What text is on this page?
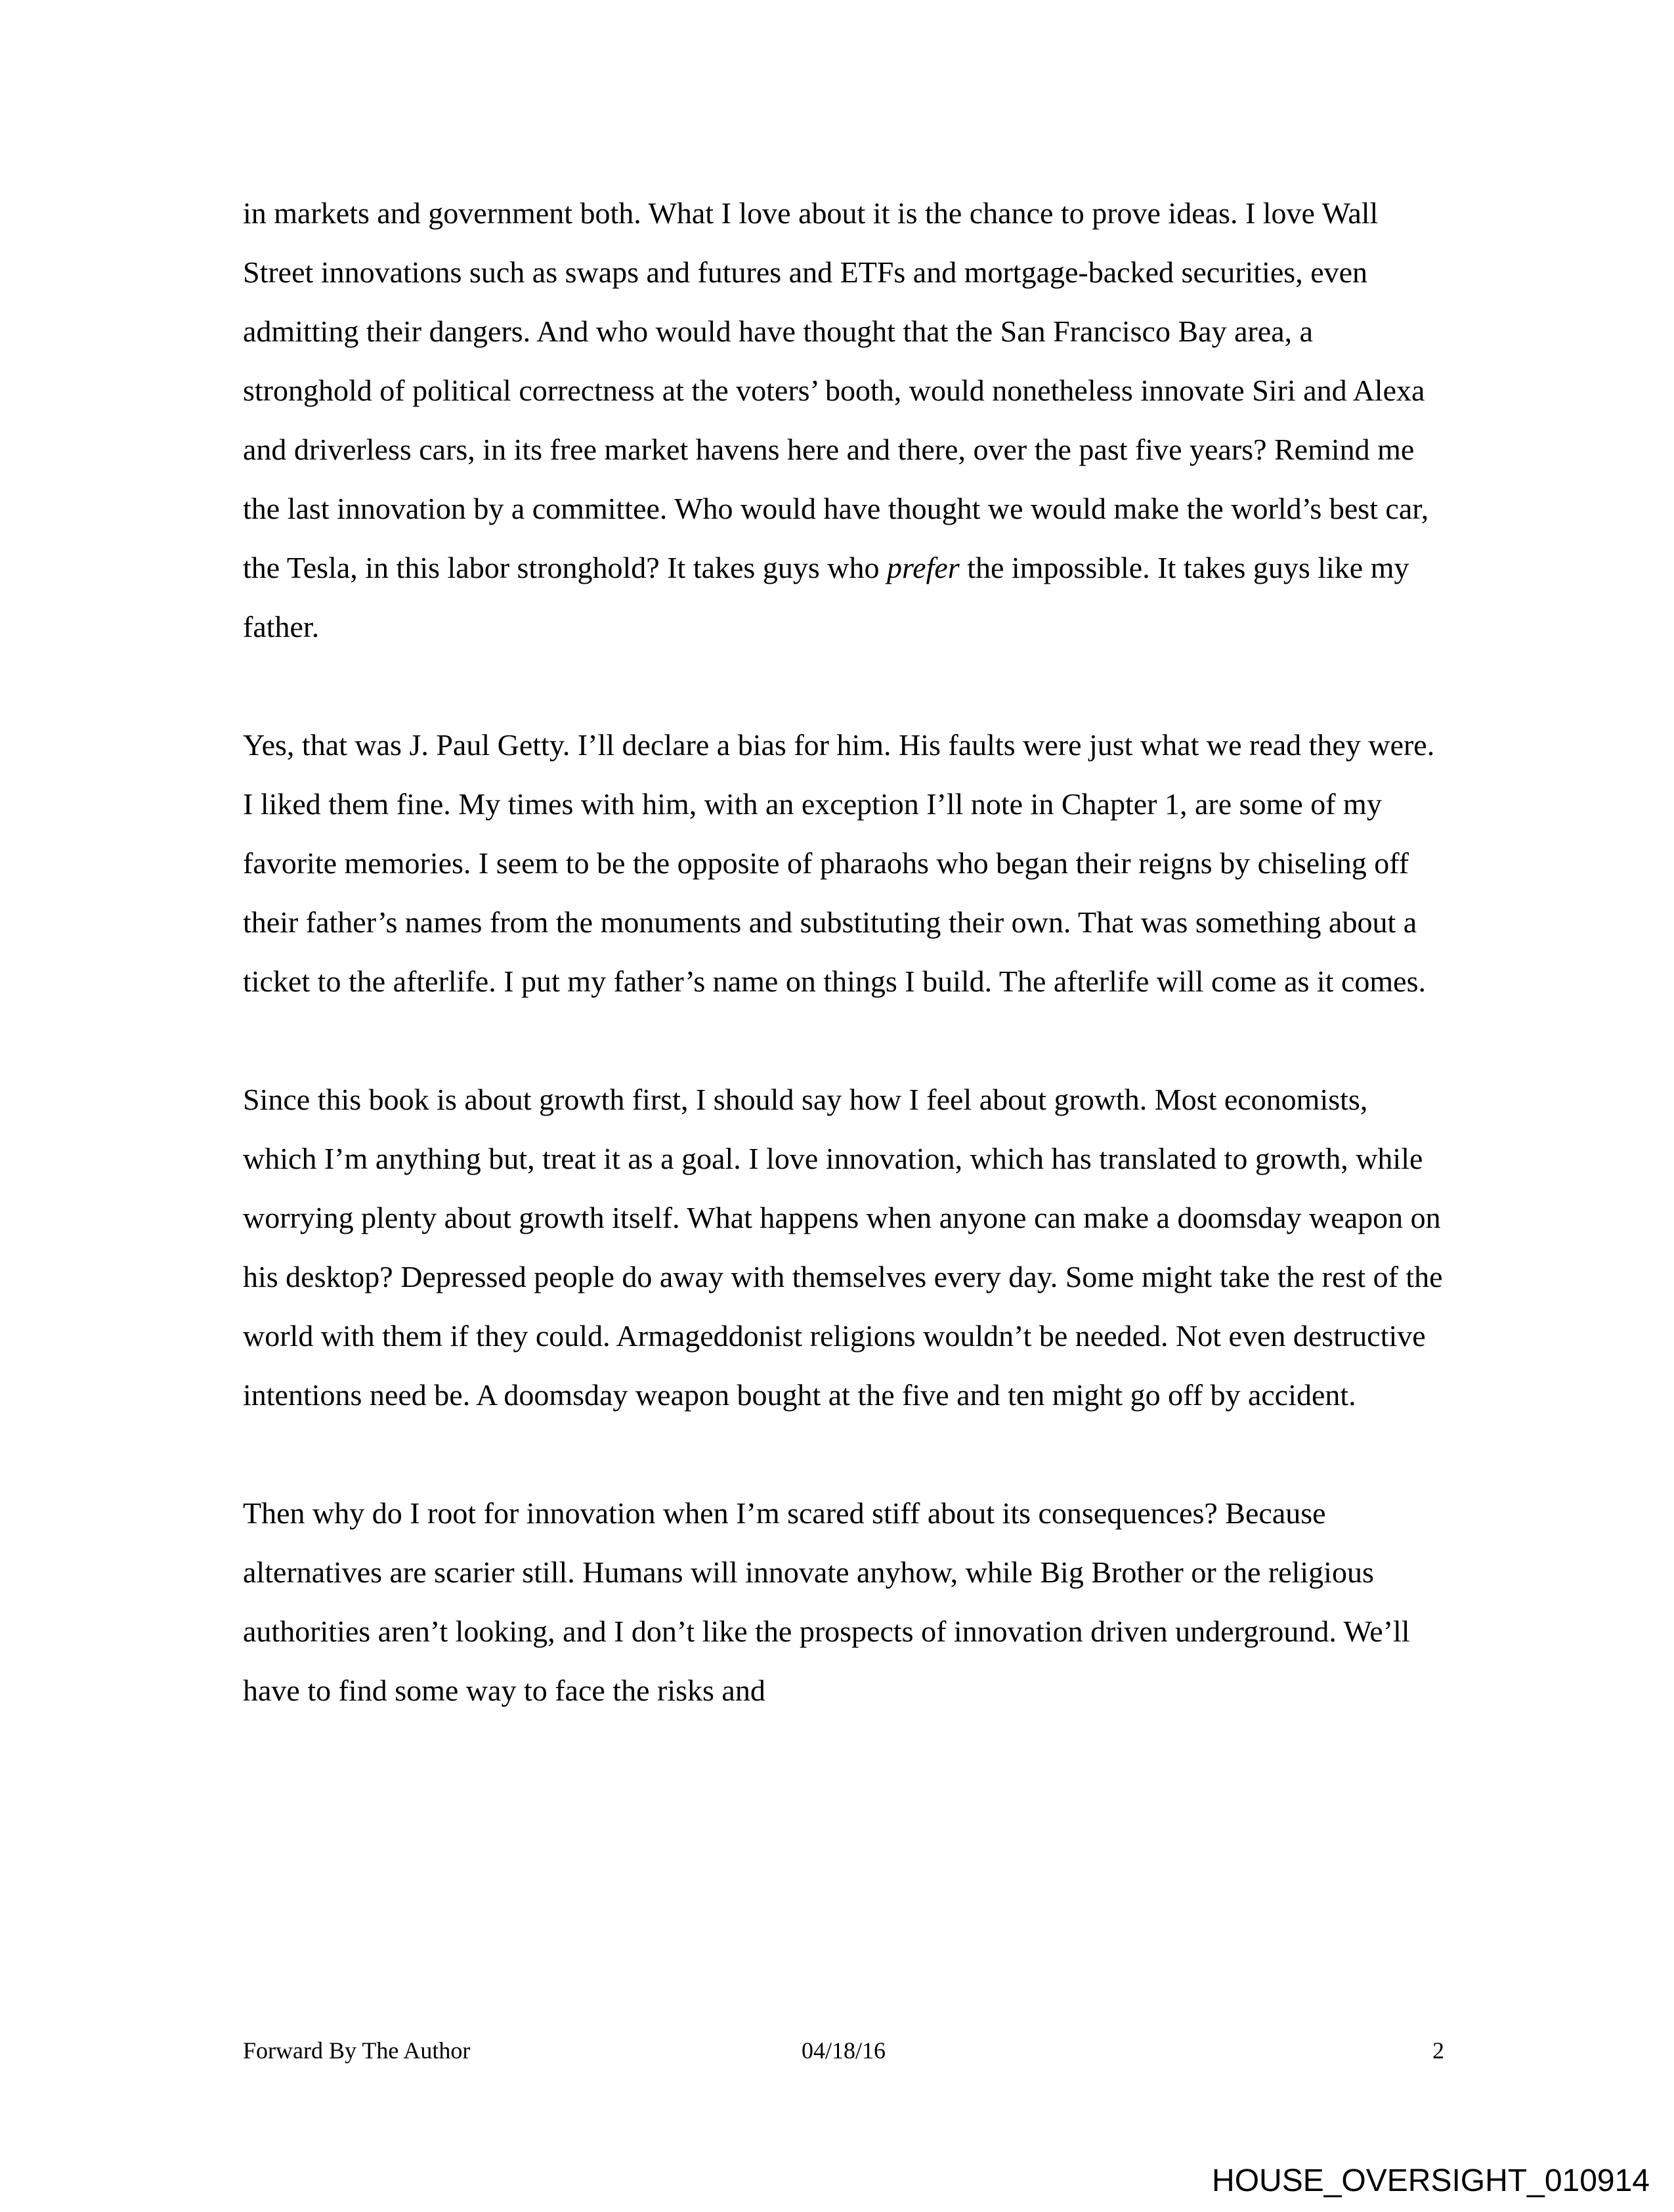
in markets and government both. What I love about it is the chance to prove ideas. I love Wall Street innovations such as swaps and futures and ETFs and mortgage-backed securities, even admitting their dangers. And who would have thought that the San Francisco Bay area, a stronghold of political correctness at the voters’ booth, would nonetheless innovate Siri and Alexa and driverless cars, in its free market havens here and there, over the past five years? Remind me the last innovation by a committee. Who would have thought we would make the world’s best car, the Tesla, in this labor stronghold? It takes guys who prefer the impossible. It takes guys like my father.

Yes, that was J. Paul Getty. I’ll declare a bias for him. His faults were just what we read they were. I liked them fine. My times with him, with an exception I’ll note in Chapter 1, are some of my favorite memories. I seem to be the opposite of pharaohs who began their reigns by chiseling off their father’s names from the monuments and substituting their own. That was something about a ticket to the afterlife. I put my father’s name on things I build. The afterlife will come as it comes.

Since this book is about growth first, I should say how I feel about growth. Most economists, which I’m anything but, treat it as a goal. I love innovation, which has translated to growth, while worrying plenty about growth itself. What happens when anyone can make a doomsday weapon on his desktop? Depressed people do away with themselves every day. Some might take the rest of the world with them if they could. Armageddonist religions wouldn’t be needed. Not even destructive intentions need be. A doomsday weapon bought at the five and ten might go off by accident.

Then why do I root for innovation when I’m scared stiff about its consequences? Because alternatives are scarier still. Humans will innovate anyhow, while Big Brother or the religious authorities aren’t looking, and I don’t like the prospects of innovation driven underground. We’ll have to find some way to face the risks and

Forward By The Author	04/18/16	2
HOUSE_OVERSIGHT_010914
